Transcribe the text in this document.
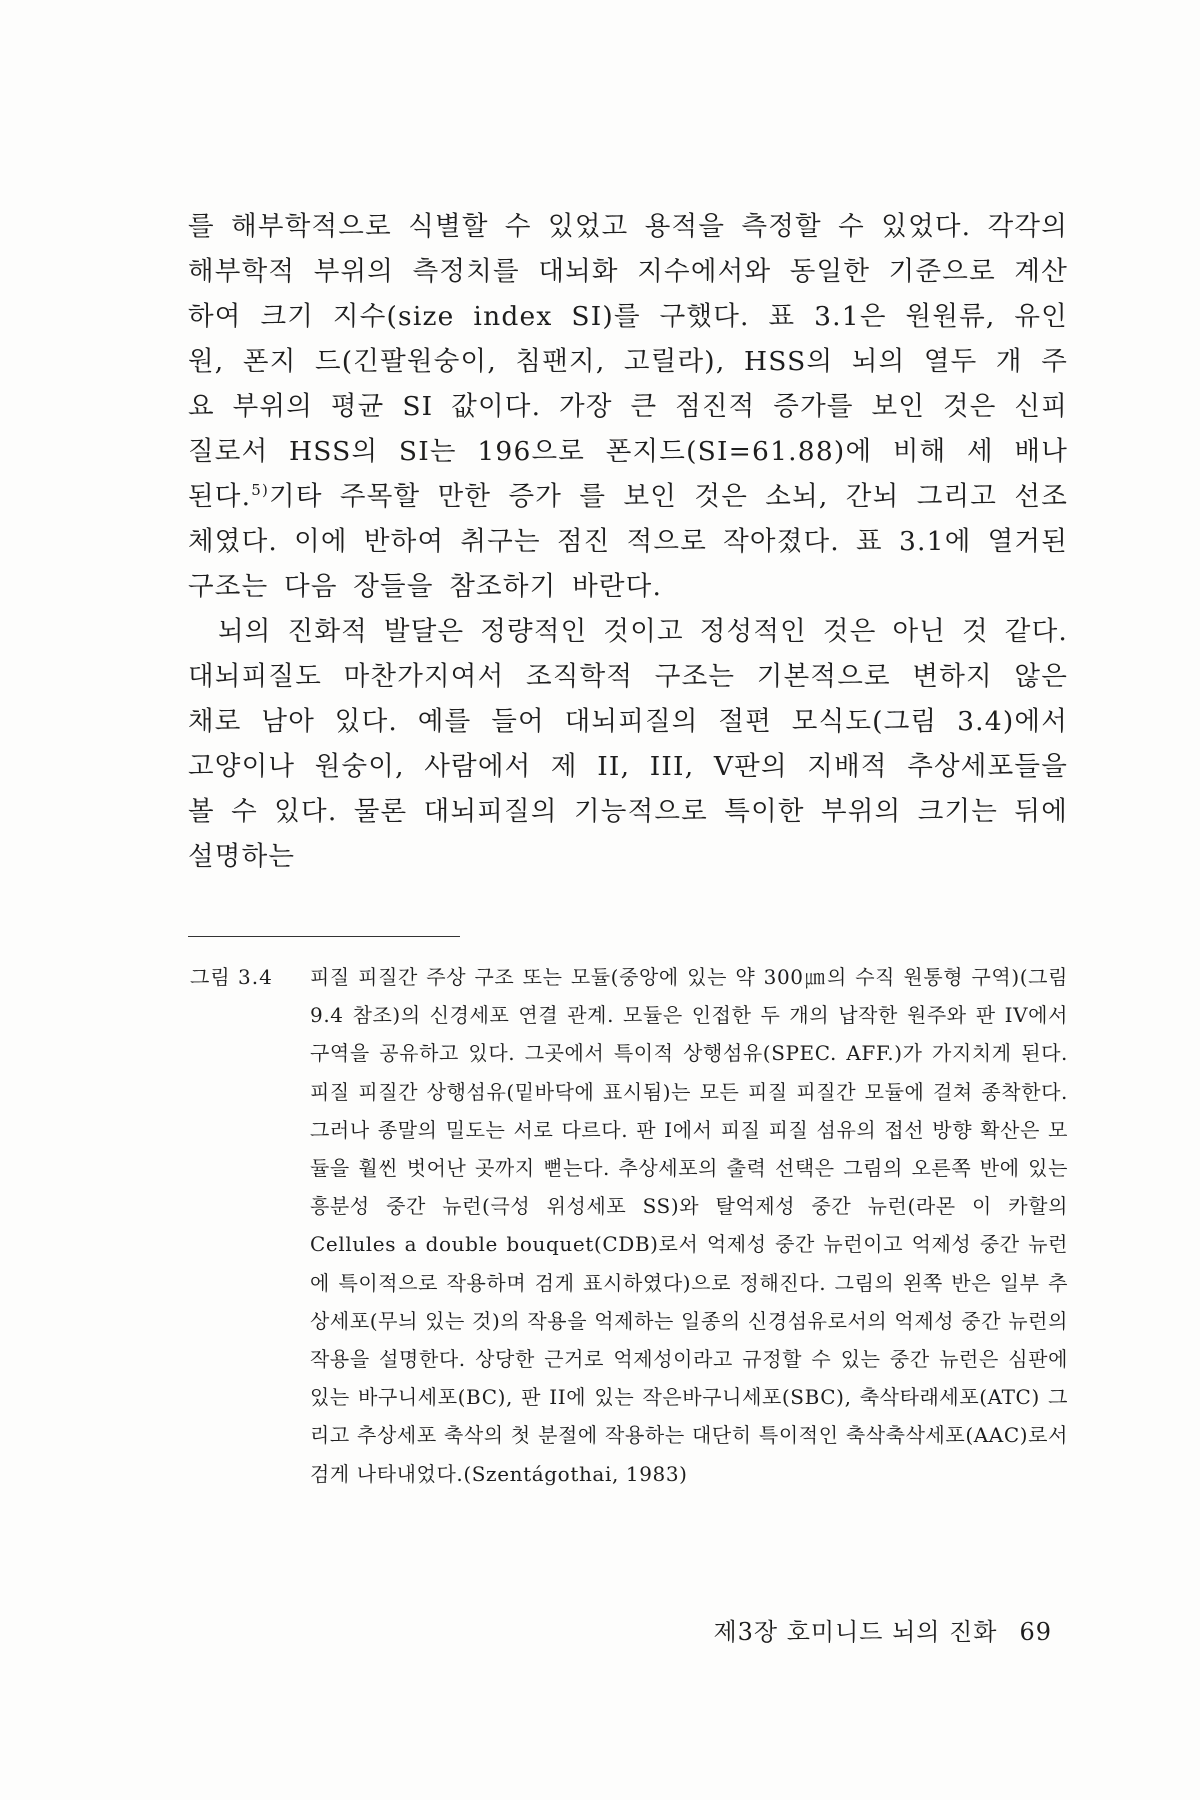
를 해부학적으로 식별할 수 있었고 용적을 측정할 수 있었다. 각각의 해부학적 부위의 측정치를 대뇌화 지수에서와 동일한 기준으로 계산 하여 크기 지수(size index SI)를 구했다. 표 3.1은 원원류, 유인원, 폰지 드(긴팔원숭이, 침팬지, 고릴라), HSS의 뇌의 열두 개 주요 부위의 평균 SI 값이다. 가장 큰 점진적 증가를 보인 것은 신피질로서 HSS의 SI는 196으로 폰지드(SI=61.88)에 비해 세 배나 된다.$^{5)}$기타 주목할 만한 증가 를 보인 것은 소뇌, 간뇌 그리고 선조체였다. 이에 반하여 취구는 점진 적으로 작아졌다. 표 3.1에 열거된 구조는 다음 장들을 참조하기 바란다.

뇌의 진화적 발달은 정량적인 것이고 정성적인 것은 아닌 것 같다. 대뇌피질도 마찬가지여서 조직학적 구조는 기본적으로 변하지 않은 채로 남아 있다. 예를 들어 대뇌피질의 절편 모식도(그림 3.4)에서 고양이나 원숭이, 사람에서 제 II, III, V판의 지배적 추상세포들을 볼 수 있다. 물론 대뇌피질의 기능적으로 특이한 부위의 크기는 뒤에 설명하는

그림 3.4 피질 피질간 주상 구조 또는 모듈(중앙에 있는 약 300㎛의 수직 원통형 구역)(그림 9.4 참조)의 신경세포 연결 관계. 모듈은 인접한 두 개의 납작한 원주와 판 IV에서 구역을 공유하고 있다. 그곳에서 특이적 상행섬유(SPEC. AFF.)가 가지치게 된다. 피질 피질간 상행섬유(밑바닥에 표시됨)는 모든 피질 피질간 모듈에 걸쳐 종착한다. 그러나 종말의 밀도는 서로 다르다. 판 I에서 피질 피질 섬유의 접선 방향 확산은 모듈을 훨씬 벗어난 곳까지 뻗는다. 추상세포의 출력 선택은 그림의 오른쪽 반에 있는 흥분성 중간 뉴런(극성 위성세포 SS)와 탈억제성 중간 뉴런(라몬 이 카할의 Cellules a double bouquet(CDB)로서 억제성 중간 뉴런이고 억제성 중간 뉴런에 특이적으로 작용하며 검게 표시하였다)으로 정해진다. 그림의 왼쪽 반은 일부 추상세포(무늬 있는 것)의 작용을 억제하는 일종의 신경섬유로서의 억제성 중간 뉴런의 작용을 설명한다. 상당한 근거로 억제성이라고 규정할 수 있는 중간 뉴런은 심판에 있는 바구니세포(BC), 판 II에 있는 작은바구니세포(SBC), 축삭타래세포(ATC) 그리고 추상세포 축삭의 첫 분절에 작용하는 대단히 특이적인 축삭축삭세포(AAC)로서 검게 나타내었다.(Szentágothai, 1983)
제3장 호미니드 뇌의 진화 69
